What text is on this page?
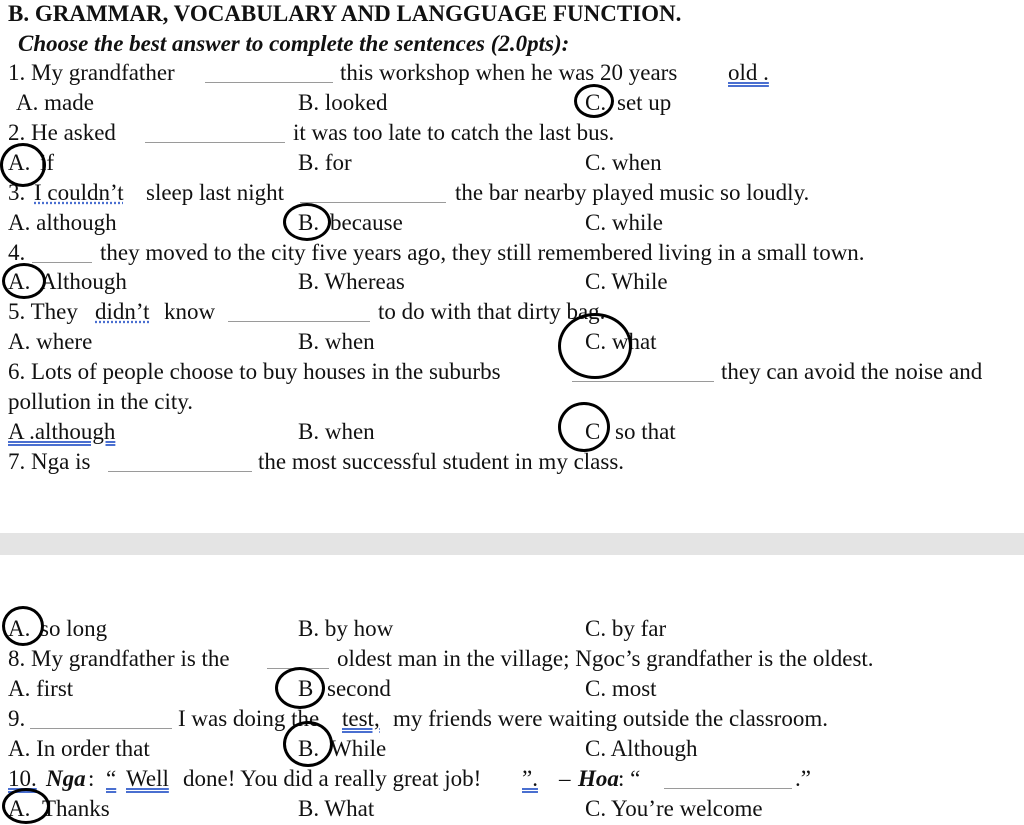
B. GRAMMAR, VOCABULARY AND LANGGUAGE FUNCTION.
Choose the best answer to complete the sentences (2.0pts):
1. My grandfather	this workshop when he was 20 years old .
A. made	B. looked	C. set up
2. He asked	it was too late to catch the last bus.
A. if	B. for	C. when
3. I couldn’t sleep last night	the bar nearby played music so loudly.
A. although	B. because	C. while
4.	they moved to the city five years ago, they still remembered living in a small town.
A. Although	B. Whereas	C. While
5. They didn’t know	to do with that dirty bag.
A. where	B. when	C. what
6. Lots of people choose to buy houses in the suburbs	they can avoid the noise and
pollution in the city.
A .although	B. when	C so that
7. Nga is	the most successful student in my class.
A. so long	B. by how	C. by far
8. My grandfather is the	oldest man in the village; Ngoc’s grandfather is the oldest.
A. first	B second	C. most
9.	I was doing the test, my friends were waiting outside the classroom.
A. In order that	B. While	C. Although
10. Nga : “ Well done! You did a really great job! ”. – Hoa : “	.”
A. Thanks	B. What	C. You’re welcome
